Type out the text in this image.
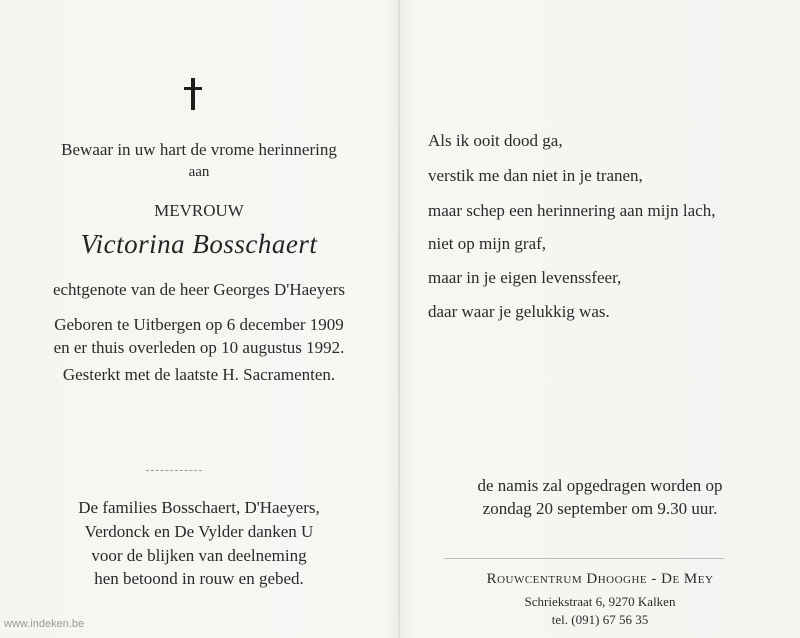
Bewaar in uw hart de vrome herinnering
aan
MEVROUW
Victorina Bosschaert
echtgenote van de heer Georges D'Haeyers
Geboren te Uitbergen op 6 december 1909
en er thuis overleden op 10 augustus 1992.
Gesterkt met de laatste H. Sacramenten.
De families Bosschaert, D'Haeyers,
Verdonck en De Vylder danken U
voor de blijken van deelneming
hen betoond in rouw en gebed.
Als ik ooit dood ga,
verstik me dan niet in je tranen,
maar schep een herinnering aan mijn lach,
niet op mijn graf,
maar in je eigen levenssfeer,
daar waar je gelukkig was.
de namis zal opgedragen worden op
zondag 20 september om 9.30 uur.
Rouwcentrum Dhooghe - De Mey
Schriekstraat 6, 9270 Kalken
tel. (091) 67 56 35
www.indeken.be
